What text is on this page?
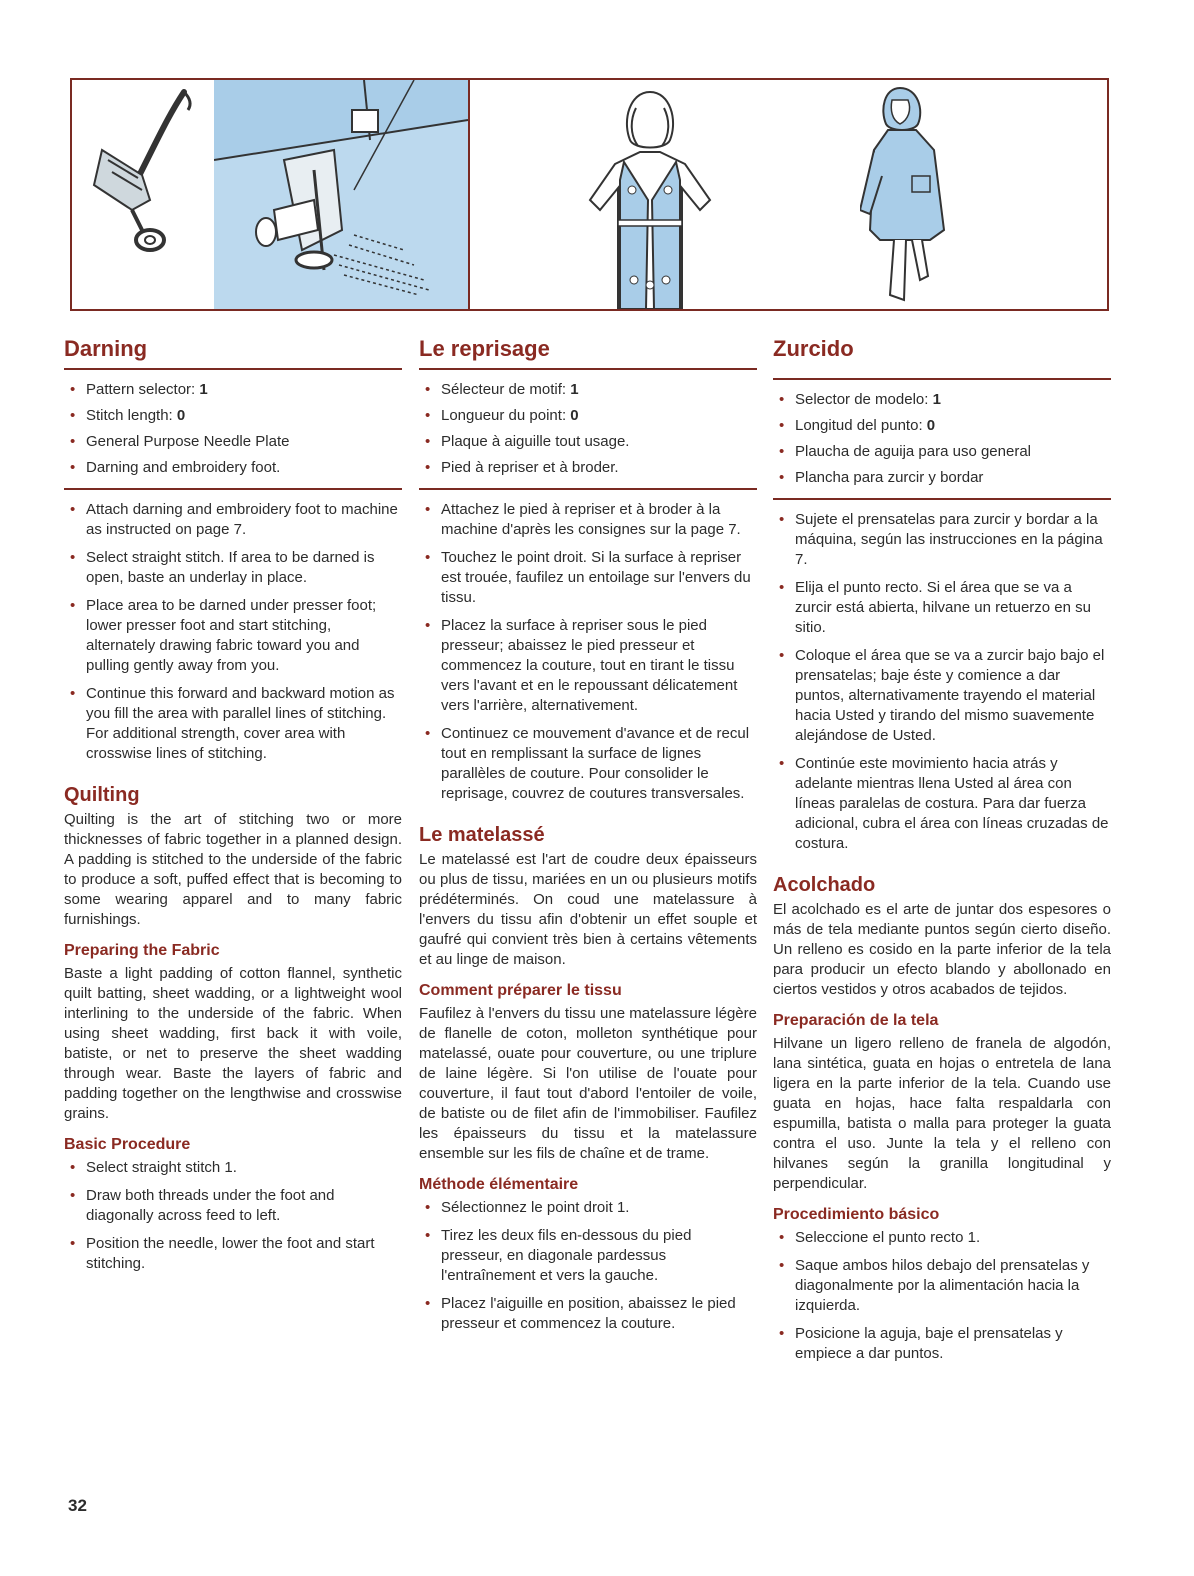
Darning
• Pattern selector: 1
• Stitch length: 0
• General Purpose Needle Plate
• Darning and embroidery foot.
• Attach darning and embroidery foot to machine as instructed on page 7.
• Select straight stitch. If area to be darned is open, baste an underlay in place.
• Place area to be darned under presser foot; lower presser foot and start stitching, alternately drawing fabric toward you and pulling gently away from you.
• Continue this forward and backward motion as you fill the area with parallel lines of stitching. For additional strength, cover area with crosswise lines of stitching.
Quilting

Quilting is the art of stitching two or more thicknesses of fabric together in a planned design. A padding is stitched to the underside of the fabric to produce a soft, puffed effect that is becoming to some wearing apparel and to many fabric furnishings.

Preparing the Fabric

Baste a light padding of cotton flannel, synthetic quilt batting, sheet wadding, or a lightweight wool interlining to the underside of the fabric. When using sheet wadding, first back it with voile, batiste, or net to preserve the sheet wadding through wear. Baste the layers of fabric and padding together on the lengthwise and crosswise grains.

Basic Procedure
• Select straight stitch 1.
• Draw both threads under the foot and diagonally across feed to left.
• Position the needle, lower the foot and start stitching.
Le reprisage
• Sélecteur de motif: 1
• Longueur du point: 0
• Plaque à aiguille tout usage.
• Pied à repriser et à broder.
• Attachez le pied à repriser et à broder à la machine d'après les consignes sur la page 7.
• Touchez le point droit. Si la surface à repriser est trouée, faufilez un entoilage sur l'envers du tissu.
• Placez la surface à repriser sous le pied presseur; abaissez le pied presseur et commencez la couture, tout en tirant le tissu vers l'avant et en le repoussant délicatement vers l'arrière, alternativement.
• Continuez ce mouvement d'avance et de recul tout en remplissant la surface de lignes parallèles de couture. Pour consolider le reprisage, couvrez de coutures transversales.
Le matelassé

Le matelassé est l'art de coudre deux épaisseurs ou plus de tissu, mariées en un ou plusieurs motifs prédéterminés. On coud une matelassure à l'envers du tissu afin d'obtenir un effet souple et gaufré qui convient très bien à certains vêtements et au linge de maison.

Comment préparer le tissu

Faufilez à l'envers du tissu une matelassure légère de flanelle de coton, molleton synthétique pour matelassé, ouate pour couverture, ou une triplure de laine légère. Si l'on utilise de l'ouate pour couverture, il faut tout d'abord l'entoiler de voile, de batiste ou de filet afin de l'immobiliser. Faufilez les épaisseurs du tissu et la matelassure ensemble sur les fils de chaîne et de trame.

Méthode élémentaire
• Sélectionnez le point droit 1.
• Tirez les deux fils en-dessous du pied presseur, en diagonale pardessus l'entraînement et vers la gauche.
• Placez l'aiguille en position, abaissez le pied presseur et commencez la couture.
Zurcido
• Selector de modelo: 1
• Longitud del punto: 0
• Plaucha de aguija para uso general
• Plancha para zurcir y bordar
• Sujete el prensatelas para zurcir y bordar a la máquina, según las instrucciones en la página 7.
• Elija el punto recto. Si el área que se va a zurcir está abierta, hilvane un retuerzo en su sitio.
• Coloque el área que se va a zurcir bajo bajo el prensatelas; baje éste y comience a dar puntos, alternativamente trayendo el material hacia Usted y tirando del mismo suavemente alejándose de Usted.
• Continúe este movimiento hacia atrás y adelante mientras llena Usted al área con líneas paralelas de costura. Para dar fuerza adicional, cubra el área con líneas cruzadas de costura.
Acolchado

El acolchado es el arte de juntar dos espesores o más de tela mediante puntos según cierto diseño. Un relleno es cosido en la parte inferior de la tela para producir un efecto blando y abollonado en ciertos vestidos y otros acabados de tejidos.

Preparación de la tela

Hilvane un ligero relleno de franela de algodón, lana sintética, guata en hojas o entretela de lana ligera en la parte inferior de la tela. Cuando use guata en hojas, hace falta respaldarla con espumilla, batista o malla para proteger la guata contra el uso. Junte la tela y el relleno con hilvanes según la granilla longitudinal y perpendicular.

Procedimiento básico
• Seleccione el punto recto 1.
• Saque ambos hilos debajo del prensatelas y diagonalmente por la alimentación hacia la izquierda.
• Posicione la aguja, baje el prensatelas y empiece a dar puntos.
32
